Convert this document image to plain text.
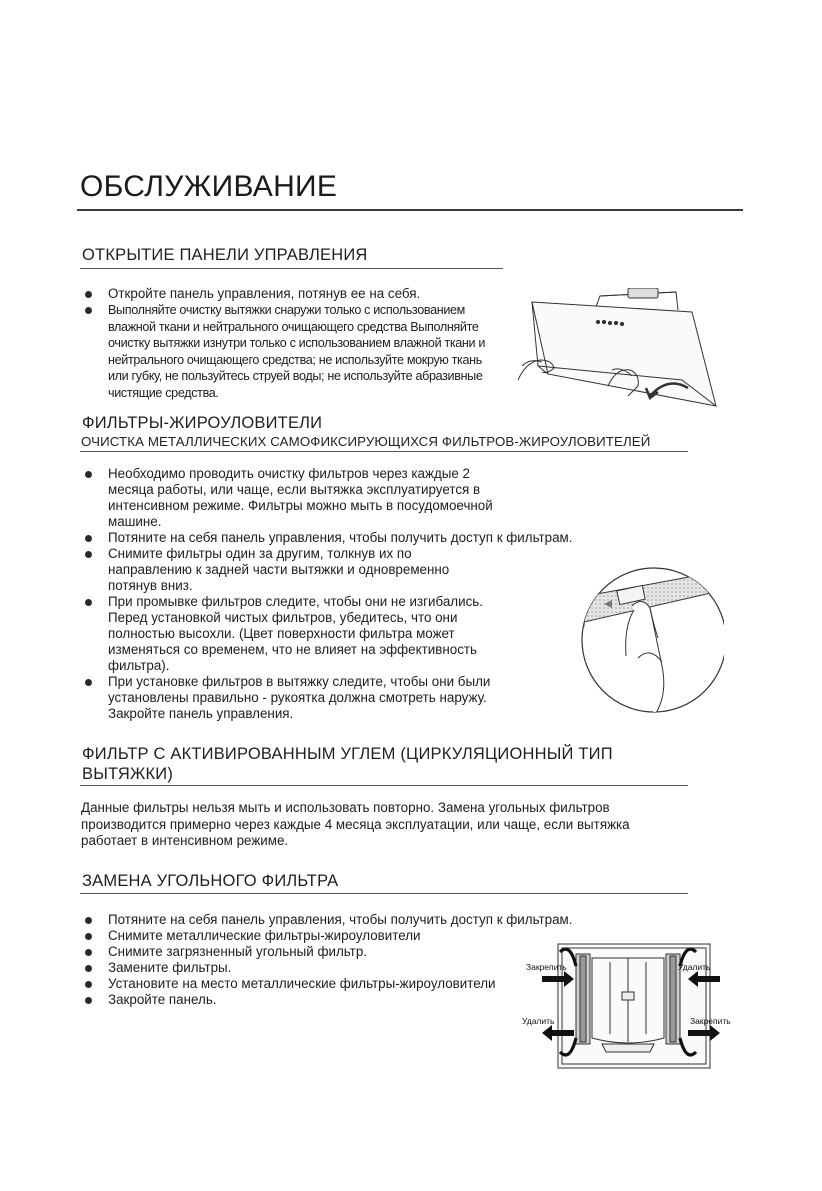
ОБСЛУЖИВАНИЕ
ОТКРЫТИЕ ПАНЕЛИ УПРАВЛЕНИЯ
Откройте панель управления, потянув ее на себя.
Выполняйте очистку вытяжки снаружи только с использованием влажной ткани и нейтрального очищающего средства Выполняйте очистку вытяжки изнутри только с использованием влажной ткани и нейтрального очищающего средства; не используйте мокрую ткань или губку, не пользуйтесь струей воды; не используйте абразивные чистящие средства.
ФИЛЬТРЫ-ЖИРОУЛОВИТЕЛИ
ОЧИСТКА МЕТАЛЛИЧЕСКИХ САМОФИКСИРУЮЩИХСЯ ФИЛЬТРОВ-ЖИРОУЛОВИТЕЛЕЙ
Необходимо проводить очистку фильтров через каждые 2 месяца работы, или чаще, если вытяжка эксплуатируется в интенсивном режиме. Фильтры можно мыть в посудомоечной машине.
Потяните на себя панель управления, чтобы получить доступ к фильтрам.
Снимите фильтры один за другим, толкнув их по направлению к задней части вытяжки и одновременно потянув вниз.
При промывке фильтров следите, чтобы они не изгибались. Перед установкой чистых фильтров, убедитесь, что они полностью высохли. (Цвет поверхности фильтра может изменяться со временем, что не влияет на эффективность фильтра).
При установке фильтров в вытяжку следите, чтобы они были установлены правильно - рукоятка должна смотреть наружу. Закройте панель управления.
ФИЛЬТР С АКТИВИРОВАННЫМ УГЛЕМ (ЦИРКУЛЯЦИОННЫЙ ТИП ВЫТЯЖКИ)
Данные фильтры нельзя мыть и использовать повторно. Замена угольных фильтров производится примерно через каждые 4 месяца эксплуатации, или чаще, если вытяжка работает в интенсивном режиме.
ЗАМЕНА УГОЛЬНОГО ФИЛЬТРА
Потяните на себя панель управления, чтобы получить доступ к фильтрам.
Снимите металлические фильтры-жироуловители
Снимите загрязненный угольный фильтр.
Замените фильтры.
Установите на место металлические фильтры-жироуловители
Закройте панель.
Закрепить	Удалить
Удалить	Закрепить
